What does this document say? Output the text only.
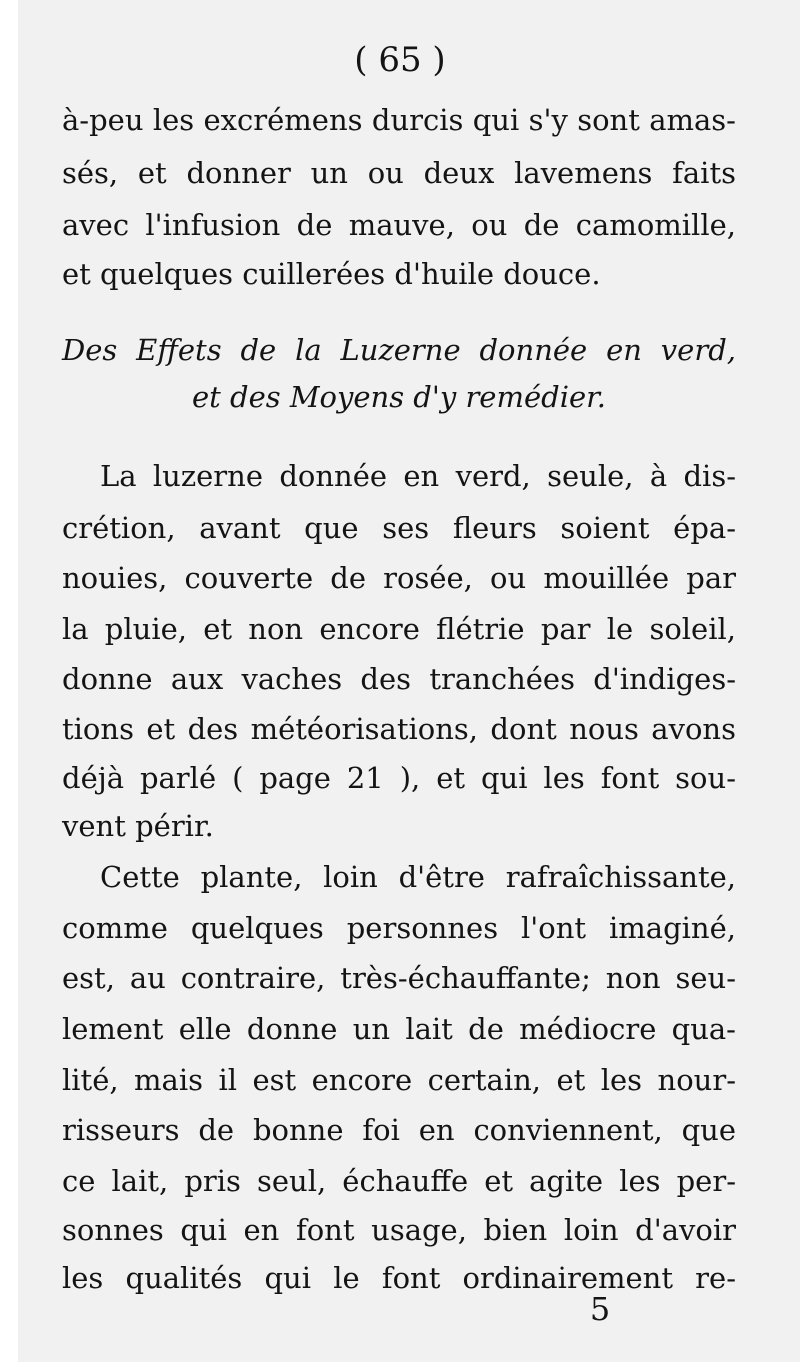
( 65 )
à-peu les excrémens durcis qui s'y sont amas-
sés, et donner un ou deux lavemens faits
avec l'infusion de mauve, ou de camomille,
et quelques cuillerées d'huile douce.
Des Effets de la Luzerne donnée en verd,
et des Moyens d'y remédier.
La luzerne donnée en verd, seule, à dis-
crétion, avant que ses fleurs soient épa-
nouies, couverte de rosée, ou mouillée par
la pluie, et non encore flétrie par le soleil,
donne aux vaches des tranchées d'indiges-
tions et des météorisations, dont nous avons
déjà parlé ( page 21 ), et qui les font sou-
vent périr.
Cette plante, loin d'être rafraîchissante,
comme quelques personnes l'ont imaginé,
est, au contraire, très-échauffante; non seu-
lement elle donne un lait de médiocre qua-
lité, mais il est encore certain, et les nour-
risseurs de bonne foi en conviennent, que
ce lait, pris seul, échauffe et agite les per-
sonnes qui en font usage, bien loin d'avoir
les qualités qui le font ordinairement re-
5
